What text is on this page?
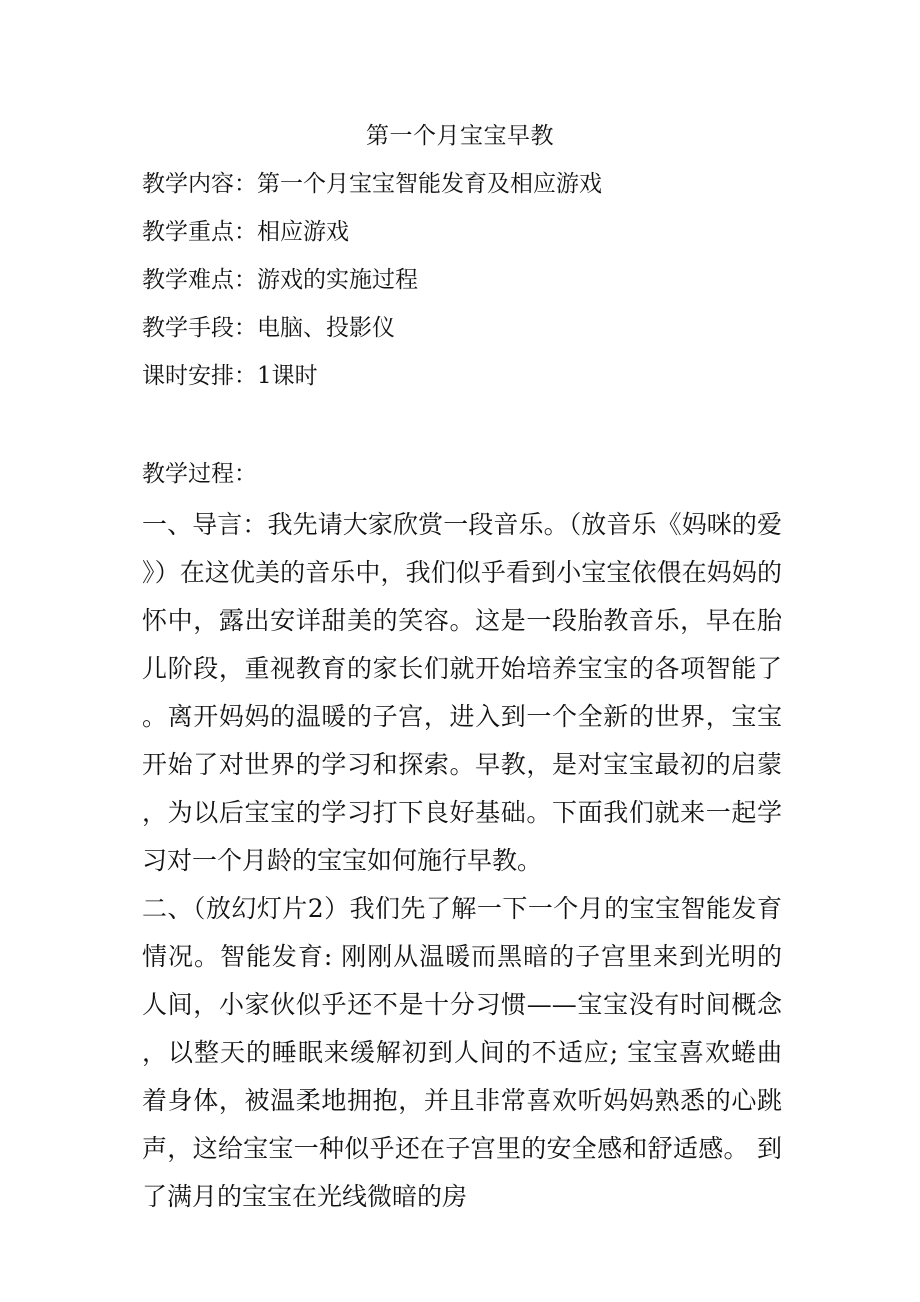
第一个月宝宝早教
教学内容：第一个月宝宝智能发育及相应游戏
教学重点：相应游戏
教学难点：游戏的实施过程
教学手段：电脑、投影仪
课时安排：1课时
教学过程：

一、导言：我先请大家欣赏一段音乐。（放音乐《妈咪的爱》）在这优美的音乐中，我们似乎看到小宝宝依偎在妈妈的怀中，露出安详甜美的笑容。这是一段胎教音乐，早在胎儿阶段，重视教育的家长们就开始培养宝宝的各项智能了。离开妈妈的温暖的子宫，进入到一个全新的世界，宝宝开始了对世界的学习和探索。早教，是对宝宝最初的启蒙，为以后宝宝的学习打下良好基础。下面我们就来一起学习对一个月龄的宝宝如何施行早教。

二、（放幻灯片2）我们先了解一下一个月的宝宝智能发育情况。智能发育: 刚刚从温暖而黑暗的子宫里来到光明的人间，小家伙似乎还不是十分习惯——宝宝没有时间概念，以整天的睡眠来缓解初到人间的不适应; 宝宝喜欢蜷曲着身体，被温柔地拥抱，并且非常喜欢听妈妈熟悉的心跳声，这给宝宝一种似乎还在子宫里的安全感和舒适感。 到了满月的宝宝在光线微暗的房
